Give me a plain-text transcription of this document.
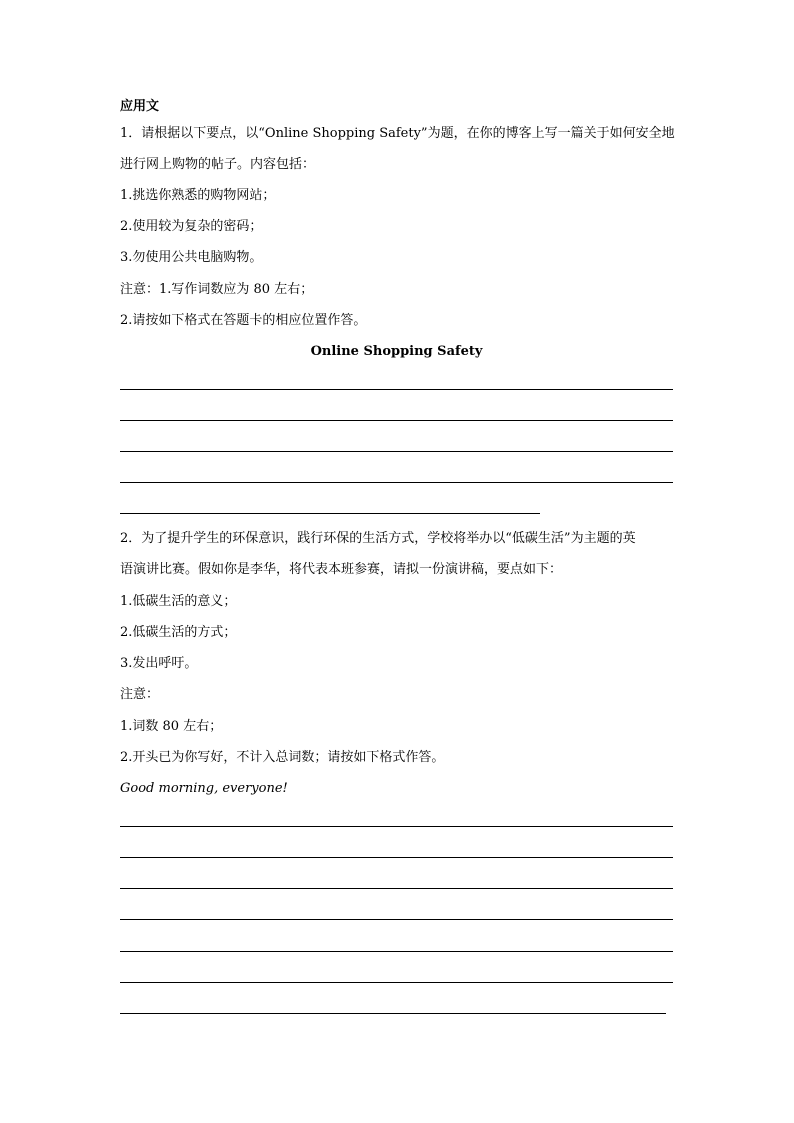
应用文
1．请根据以下要点，以“Online Shopping Safety”为题，在你的博客上写一篇关于如何安全地
进行网上购物的帖子。内容包括：
1.挑选你熟悉的购物网站；
2.使用较为复杂的密码；
3.勿使用公共电脑购物。
注意：1.写作词数应为 80 左右；
2.请按如下格式在答题卡的相应位置作答。
Online Shopping Safety
2．为了提升学生的环保意识，践行环保的生活方式，学校将举办以“低碳生活”为主题的英
语演讲比赛。假如你是李华，将代表本班参赛，请拟一份演讲稿，要点如下：
1.低碳生活的意义；
2.低碳生活的方式；
3.发出呼吁。
注意：
1.词数 80 左右；
2.开头已为你写好，不计入总词数；请按如下格式作答。
Good morning, everyone!
